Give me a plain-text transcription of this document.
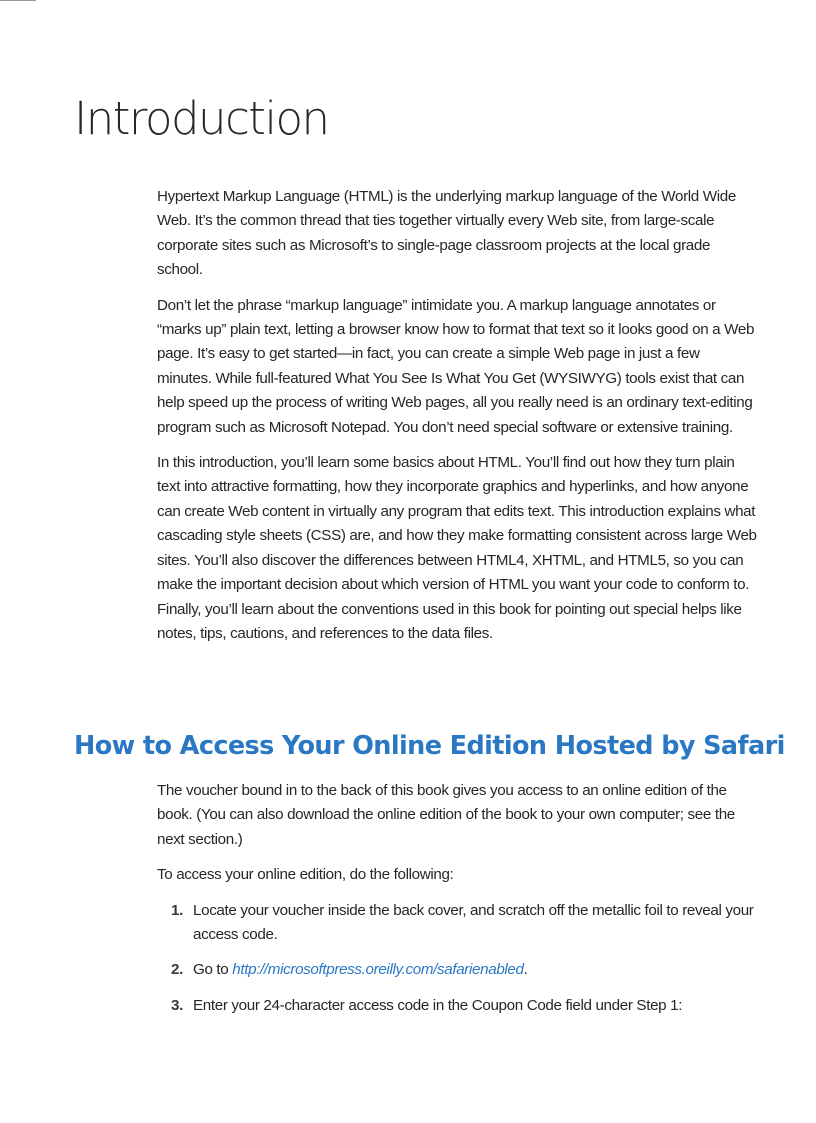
Introduction

Hypertext Markup Language (HTML) is the underlying markup language of the World Wide Web. It’s the common thread that ties together virtually every Web site, from large-scale corporate sites such as Microsoft’s to single-page classroom projects at the local grade school.

Don’t let the phrase “markup language” intimidate you. A markup language annotates or “marks up” plain text, letting a browser know how to format that text so it looks good on a Web page. It’s easy to get started—in fact, you can create a simple Web page in just a few minutes. While full-featured What You See Is What You Get (WYSIWYG) tools exist that can help speed up the process of writing Web pages, all you really need is an ordinary text-editing program such as Microsoft Notepad. You don’t need special software or extensive training.

In this introduction, you’ll learn some basics about HTML. You’ll find out how they turn plain text into attractive formatting, how they incorporate graphics and hyperlinks, and how anyone can create Web content in virtually any program that edits text. This introduction explains what cascading style sheets (CSS) are, and how they make formatting consistent across large Web sites. You’ll also discover the differences between HTML4, XHTML, and HTML5, so you can make the important decision about which version of HTML you want your code to conform to. Finally, you’ll learn about the conventions used in this book for pointing out special helps like notes, tips, cautions, and references to the data files.

How to Access Your Online Edition Hosted by Safari

The voucher bound in to the back of this book gives you access to an online edition of the book. (You can also download the online edition of the book to your own computer; see the next section.)

To access your online edition, do the following:

1. Locate your voucher inside the back cover, and scratch off the metallic foil to reveal your access code.
2. Go to http://microsoftpress.oreilly.com/safarienabled.
3. Enter your 24-character access code in the Coupon Code field under Step 1:
